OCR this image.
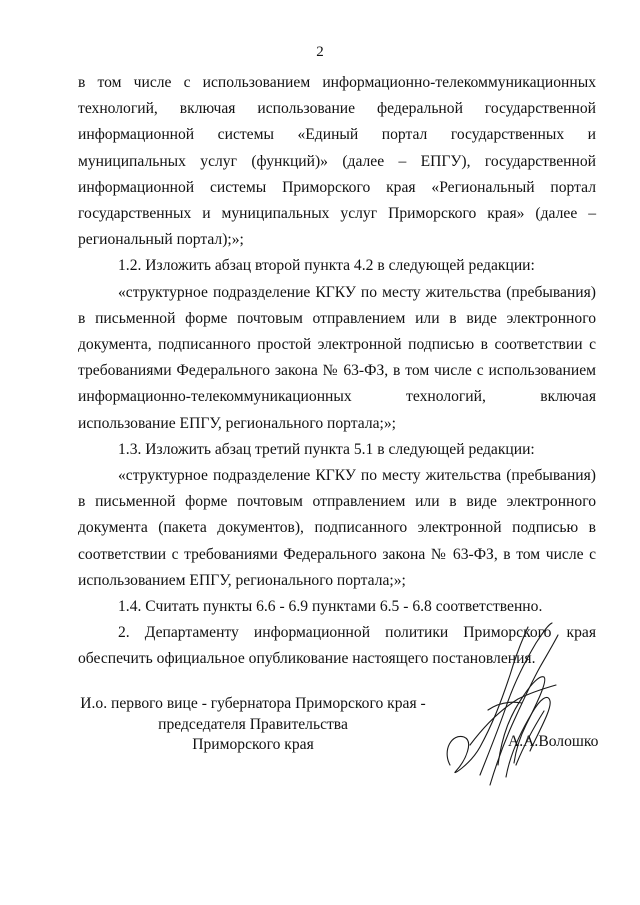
2

в том числе с использованием информационно-телекоммуникационных технологий, включая использование федеральной государственной информационной системы «Единый портал государственных и муниципальных услуг (функций)» (далее – ЕПГУ), государственной информационной системы Приморского края «Региональный портал государственных и муниципальных услуг Приморского края» (далее – региональный портал);»;

1.2. Изложить абзац второй пункта 4.2 в следующей редакции:

«структурное подразделение КГКУ по месту жительства (пребывания) в письменной форме почтовым отправлением или в виде электронного документа, подписанного простой электронной подписью в соответствии с требованиями Федерального закона № 63-ФЗ, в том числе с использованием информационно-телекоммуникационных технологий, включая использование ЕПГУ, регионального портала;»;

1.3. Изложить абзац третий пункта 5.1 в следующей редакции:

«структурное подразделение КГКУ по месту жительства (пребывания) в письменной форме почтовым отправлением или в виде электронного документа (пакета документов), подписанного электронной подписью в соответствии с требованиями Федерального закона № 63-ФЗ, в том числе с использованием ЕПГУ, регионального портала;»;

1.4. Считать пункты 6.6 - 6.9 пунктами 6.5 - 6.8 соответственно.

2. Департаменту информационной политики Приморского края обеспечить официальное опубликование настоящего постановления.

И.о. первого вице - губернатора Приморского края -
председателя Правительства
Приморского края	А.А.Волошко
